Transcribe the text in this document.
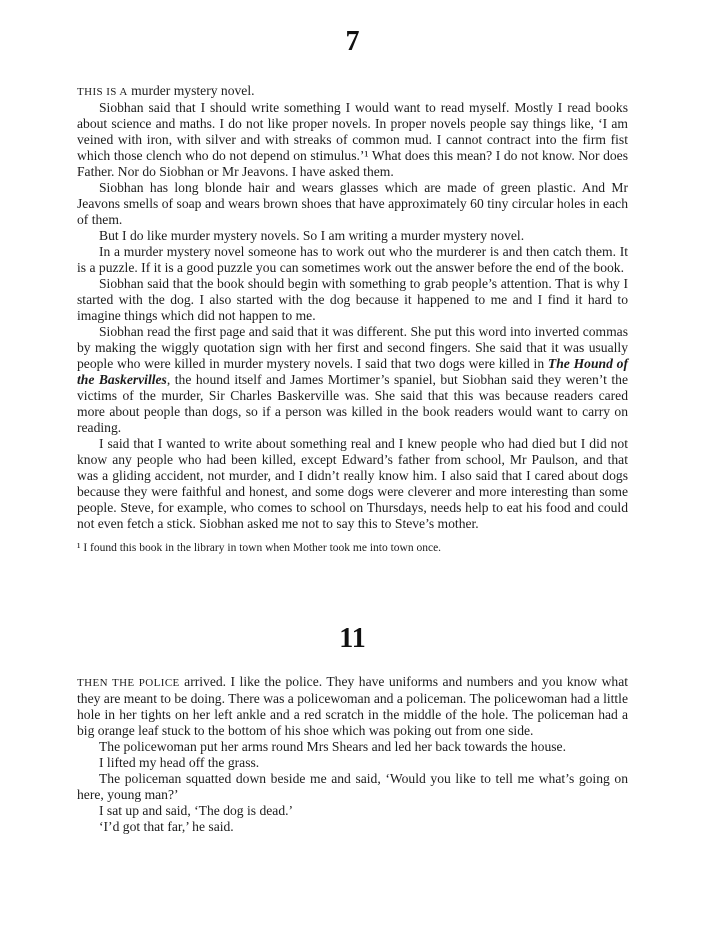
7

THIS IS A murder mystery novel.

Siobhan said that I should write something I would want to read myself. Mostly I read books about science and maths. I do not like proper novels. In proper novels people say things like, ‘I am veined with iron, with silver and with streaks of common mud. I cannot contract into the firm fist which those clench who do not depend on stimulus.’¹ What does this mean? I do not know. Nor does Father. Nor do Siobhan or Mr Jeavons. I have asked them.

Siobhan has long blonde hair and wears glasses which are made of green plastic. And Mr Jeavons smells of soap and wears brown shoes that have approximately 60 tiny circular holes in each of them.

But I do like murder mystery novels. So I am writing a murder mystery novel.

In a murder mystery novel someone has to work out who the murderer is and then catch them. It is a puzzle. If it is a good puzzle you can sometimes work out the answer before the end of the book.

Siobhan said that the book should begin with something to grab people’s attention. That is why I started with the dog. I also started with the dog because it happened to me and I find it hard to imagine things which did not happen to me.

Siobhan read the first page and said that it was different. She put this word into inverted commas by making the wiggly quotation sign with her first and second fingers. She said that it was usually people who were killed in murder mystery novels. I said that two dogs were killed in The Hound of the Baskervilles, the hound itself and James Mortimer’s spaniel, but Siobhan said they weren’t the victims of the murder, Sir Charles Baskerville was. She said that this was because readers cared more about people than dogs, so if a person was killed in the book readers would want to carry on reading.

I said that I wanted to write about something real and I knew people who had died but I did not know any people who had been killed, except Edward’s father from school, Mr Paulson, and that was a gliding accident, not murder, and I didn’t really know him. I also said that I cared about dogs because they were faithful and honest, and some dogs were cleverer and more interesting than some people. Steve, for example, who comes to school on Thursdays, needs help to eat his food and could not even fetch a stick. Siobhan asked me not to say this to Steve’s mother.

¹ I found this book in the library in town when Mother took me into town once.

11

THEN THE POLICE arrived. I like the police. They have uniforms and numbers and you know what they are meant to be doing. There was a policewoman and a policeman. The policewoman had a little hole in her tights on her left ankle and a red scratch in the middle of the hole. The policeman had a big orange leaf stuck to the bottom of his shoe which was poking out from one side.

The policewoman put her arms round Mrs Shears and led her back towards the house.

I lifted my head off the grass.

The policeman squatted down beside me and said, ‘Would you like to tell me what’s going on here, young man?’

I sat up and said, ‘The dog is dead.’

‘I’d got that far,’ he said.
